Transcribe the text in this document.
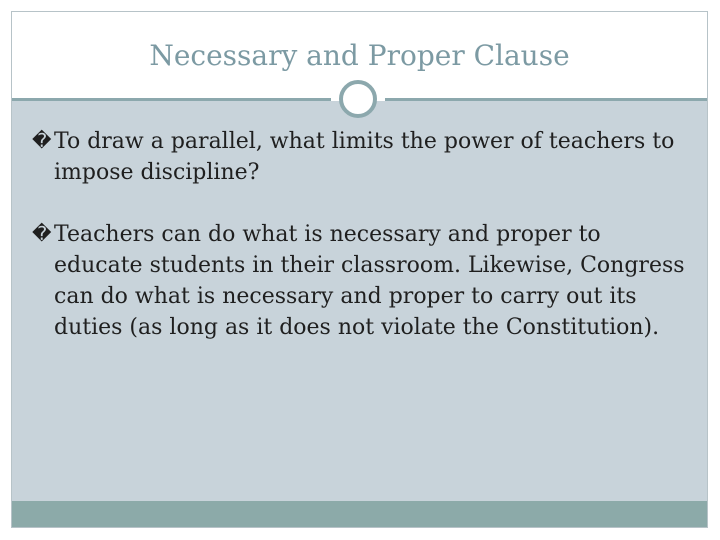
Necessary and Proper Clause
� To draw a parallel, what limits the power of teachers to impose discipline?
� Teachers can do what is necessary and proper to educate students in their classroom. Likewise, Congress can do what is necessary and proper to carry out its duties (as long as it does not violate the Constitution).
